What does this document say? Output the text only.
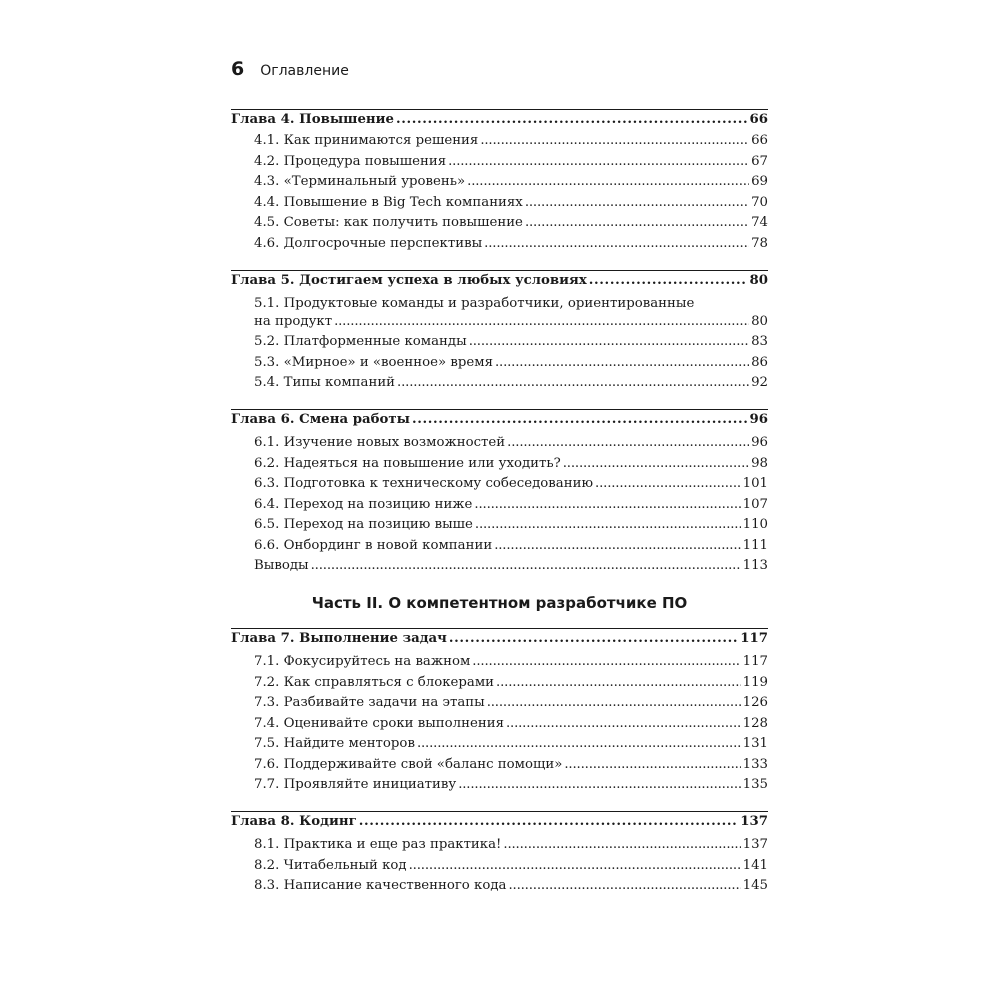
6 Оглавление
Глава 4. Повышение . . .	66
4.1. Как принимаются решения . . .	66
4.2. Процедура повышения . . .	67
4.3. «Терминальный уровень» . . .	69
4.4. Повышение в Big Tech компаниях . . .	70
4.5. Советы: как получить повышение . . .	74
4.6. Долгосрочные перспективы . . .	78
Глава 5. Достигаем успеха в любых условиях . . .	80
5.1. Продуктовые команды и разработчики, ориентированные
на продукт . . .	80
5.2. Платформенные команды . . .	83
5.3. «Мирное» и «военное» время . . .	86
5.4. Типы компаний . . .	92
Глава 6. Смена работы . . .	96
6.1. Изучение новых возможностей . . .	96
6.2. Надеяться на повышение или уходить? . . .	98
6.3. Подготовка к техническому собеседованию . . .	101
6.4. Переход на позицию ниже . . .	107
6.5. Переход на позицию выше . . .	110
6.6. Онбординг в новой компании . . .	111
Выводы . . .	113
Часть II. О компетентном разработчике ПО
Глава 7. Выполнение задач . . .	117
7.1. Фокусируйтесь на важном . . .	117
7.2. Как справляться с блокерами . . .	119
7.3. Разбивайте задачи на этапы . . .	126
7.4. Оценивайте сроки выполнения . . .	128
7.5. Найдите менторов . . .	131
7.6. Поддерживайте свой «баланс помощи» . . .	133
7.7. Проявляйте инициативу . . .	135
Глава 8. Кодинг . . .	137
8.1. Практика и еще раз практика! . . .	137
8.2. Читабельный код . . .	141
8.3. Написание качественного кода . . .	145
